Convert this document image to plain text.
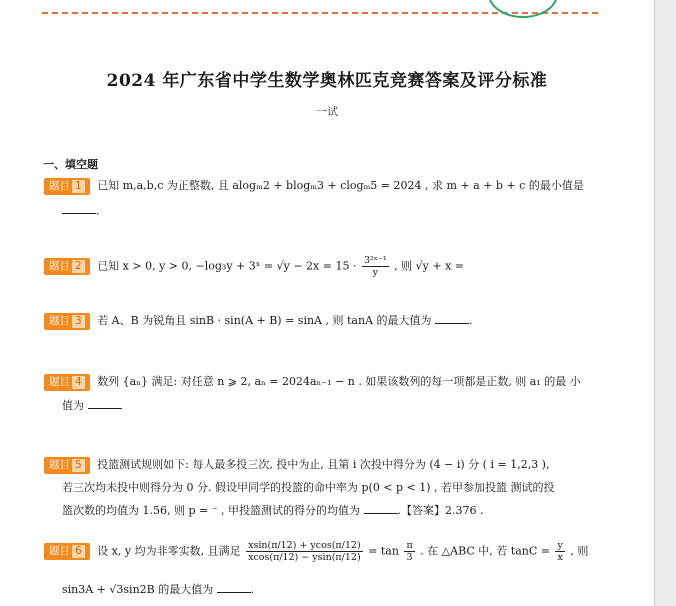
2024 年广东省中学生数学奥林匹克竞赛答案及评分标准
一试
一、填空题
题目 1 已知 m,a,b,c 为正整数, 且 alogₘ2 + blogₘ3 + clogₘ5 = 2024 , 求 m + a + b + c 的最小值是
．
题目 2 已知 x > 0, y > 0, −log₃y + 3ˣ = $√y - 2x = 15 \cdot \frac{\text{3²ˣ⁻¹}}{y}$ , 则 √y + x =
题目 3 若 A、B 为锐角且 sinB · sin(A + B) = sinA , 则 tanA 的最大值为	.
题目 4 数列 {aₙ} 满足: 对任意 n ⩾ 2, aₙ = 2024aₙ₋₁ − n . 如果该数列的每一项都是正数, 则 a₁ 的最 小
值为
题目 5 投篮测试规则如下: 每人最多投三次, 投中为止, 且第 i 次投中得分为 (4 − i) 分 ( i = 1,2,3 ),
若三次均未投中则得分为 0 分. 假设甲同学的投篮的命中率为 p(0 < p < 1) , 若甲参加投篮 测试的投
篮次数的均值为 1.56, 则 p = ⁻ , 甲投篮测试的得分的均值为	.【答案】2.376 .
题目 6 设 x, y 均为非零实数, 且满足 $\frac{xsin(\pi/12) + ycos(\pi/12)}{xcos(\pi/12) - ysin(\pi/12)} = \tan \frac{\pi}{3}$ . 在 △ABC 中, 若 $\tan C = \frac{y}{x}$ , 则
sin3A + √3sin2B 的最大值为	.
